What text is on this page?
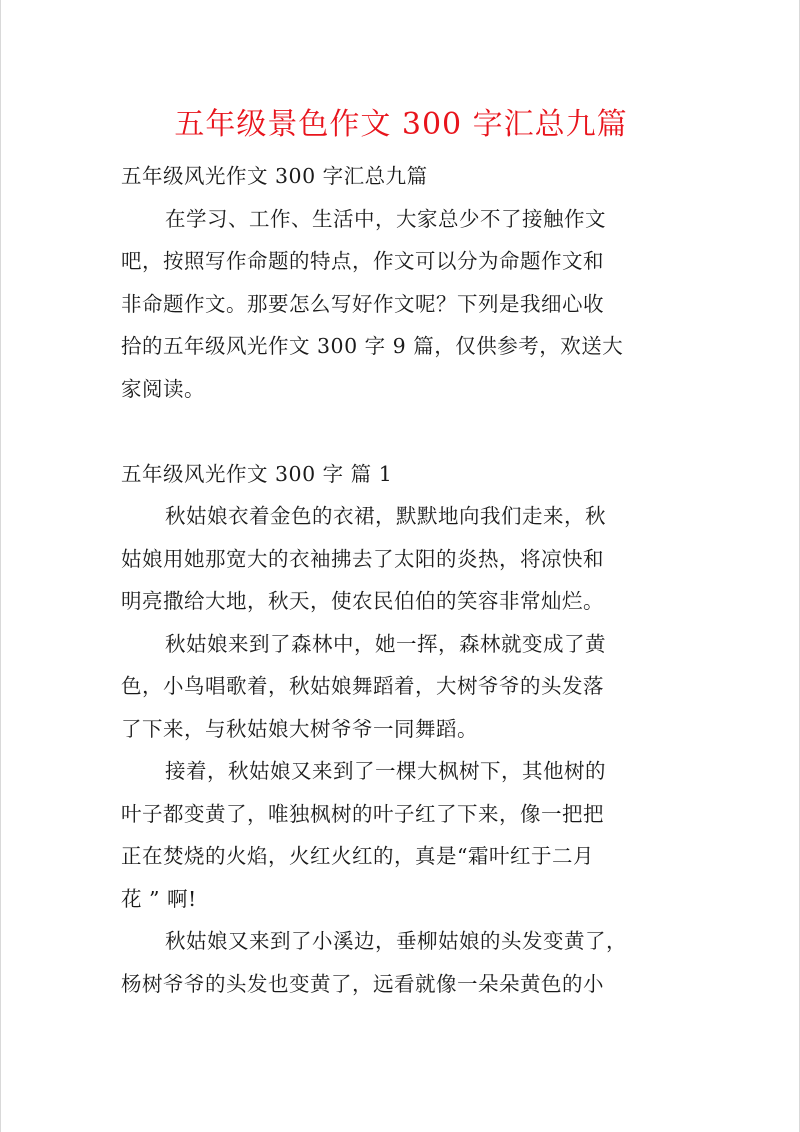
五年级景色作文 300 字汇总九篇
五年级风光作文 300 字汇总九篇
在学习、工作、生活中，大家总少不了接触作文
吧，按照写作命题的特点，作文可以分为命题作文和
非命题作文。那要怎么写好作文呢？下列是我细心收
拾的五年级风光作文 300 字 9 篇，仅供参考，欢送大
家阅读。
五年级风光作文 300 字 篇 1
秋姑娘衣着金色的衣裙，默默地向我们走来，秋
姑娘用她那宽大的衣袖拂去了太阳的炎热，将凉快和
明亮撒给大地，秋天，使农民伯伯的笑容非常灿烂。
秋姑娘来到了森林中，她一挥，森林就变成了黄
色，小鸟唱歌着，秋姑娘舞蹈着，大树爷爷的头发落
了下来，与秋姑娘大树爷爷一同舞蹈。
接着，秋姑娘又来到了一棵大枫树下，其他树的
叶子都变黄了，唯独枫树的叶子红了下来，像一把把
正在焚烧的火焰，火红火红的，真是“霜叶红于二月
花 ” 啊!
秋姑娘又来到了小溪边，垂柳姑娘的头发变黄了，
杨树爷爷的头发也变黄了，远看就像一朵朵黄色的小
